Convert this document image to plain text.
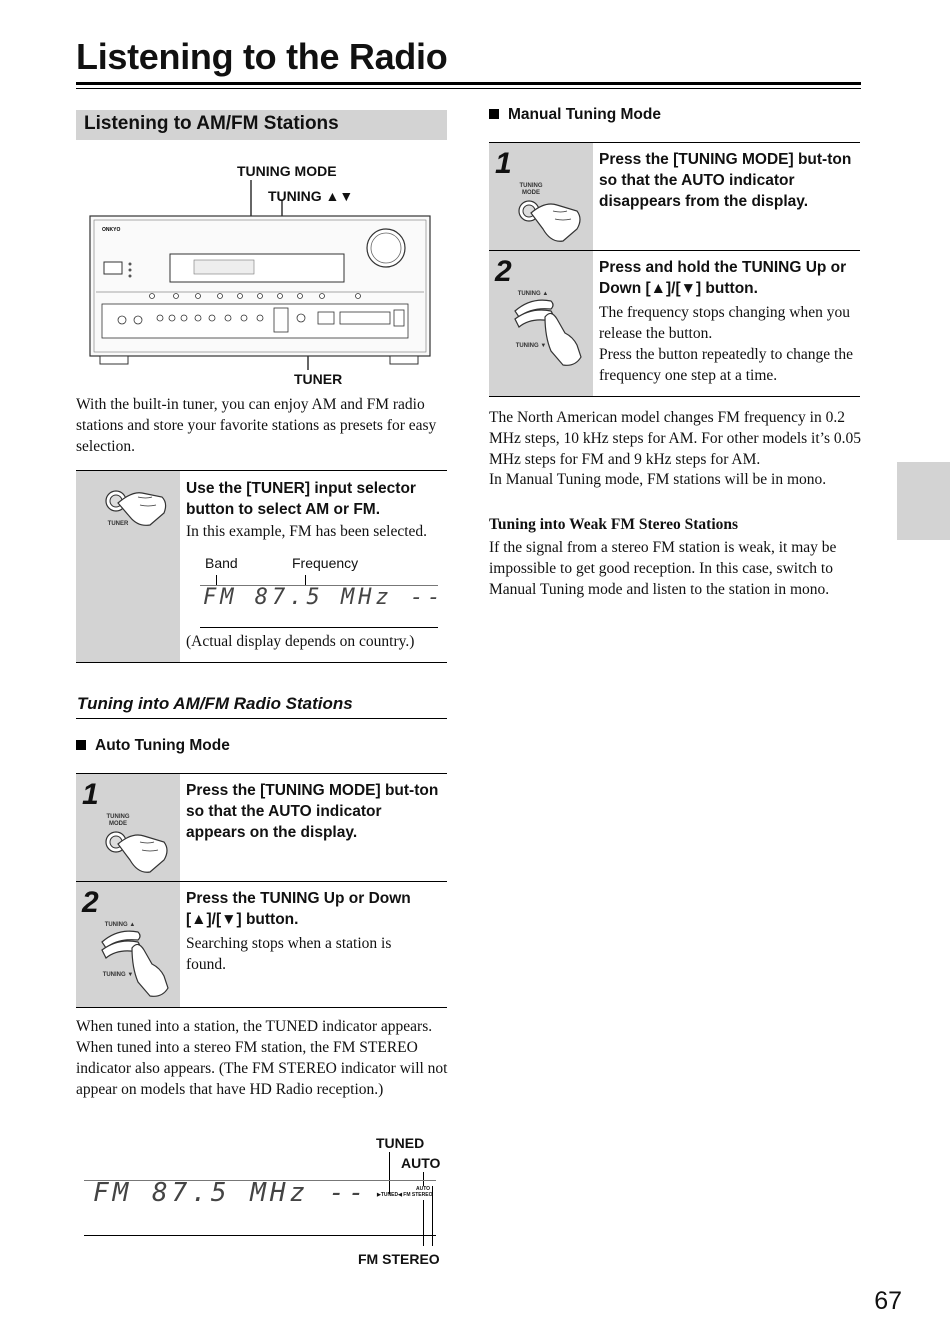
Listening to the Radio
Listening to AM/FM Stations
TUNING MODE
TUNING ▲▼
TUNER
ONKYO
With the built-in tuner, you can enjoy AM and FM radio stations and store your favorite stations as presets for easy selection.
TUNER
Use the [TUNER] input selector button to select AM or FM.
In this example, FM has been selected.
Band	Frequency
FM 87.5 MHz --
(Actual display depends on country.)
Tuning into AM/FM Radio Stations
Auto Tuning Mode
1
TUNING
MODE
Press the [TUNING MODE] but-ton so that the AUTO indicator appears on the display.
2
TUNING ▲
TUNING ▼
Press the TUNING Up or Down [▲]/[▼] button.
Searching stops when a station is found.
When tuned into a station, the TUNED indicator appears. When tuned into a stereo FM station, the FM STEREO indicator also appears. (The FM STEREO indicator will not appear on models that have HD Radio reception.)
TUNED
AUTO
FM 87.5 MHz --	AUTO
▶TUNED◀ FM STEREO
FM STEREO
Manual Tuning Mode
1
TUNING
MODE
Press the [TUNING MODE] but-ton so that the AUTO indicator disappears from the display.
2
TUNING ▲
TUNING ▼
Press and hold the TUNING Up or Down [▲]/[▼] button.
The frequency stops changing when you release the button.
Press the button repeatedly to change the frequency one step at a time.
The North American model changes FM frequency in 0.2 MHz steps, 10 kHz steps for AM. For other models it’s 0.05 MHz steps for FM and 9 kHz steps for AM.
In Manual Tuning mode, FM stations will be in mono.
Tuning into Weak FM Stereo Stations
If the signal from a stereo FM station is weak, it may be impossible to get good reception. In this case, switch to Manual Tuning mode and listen to the station in mono.
67
